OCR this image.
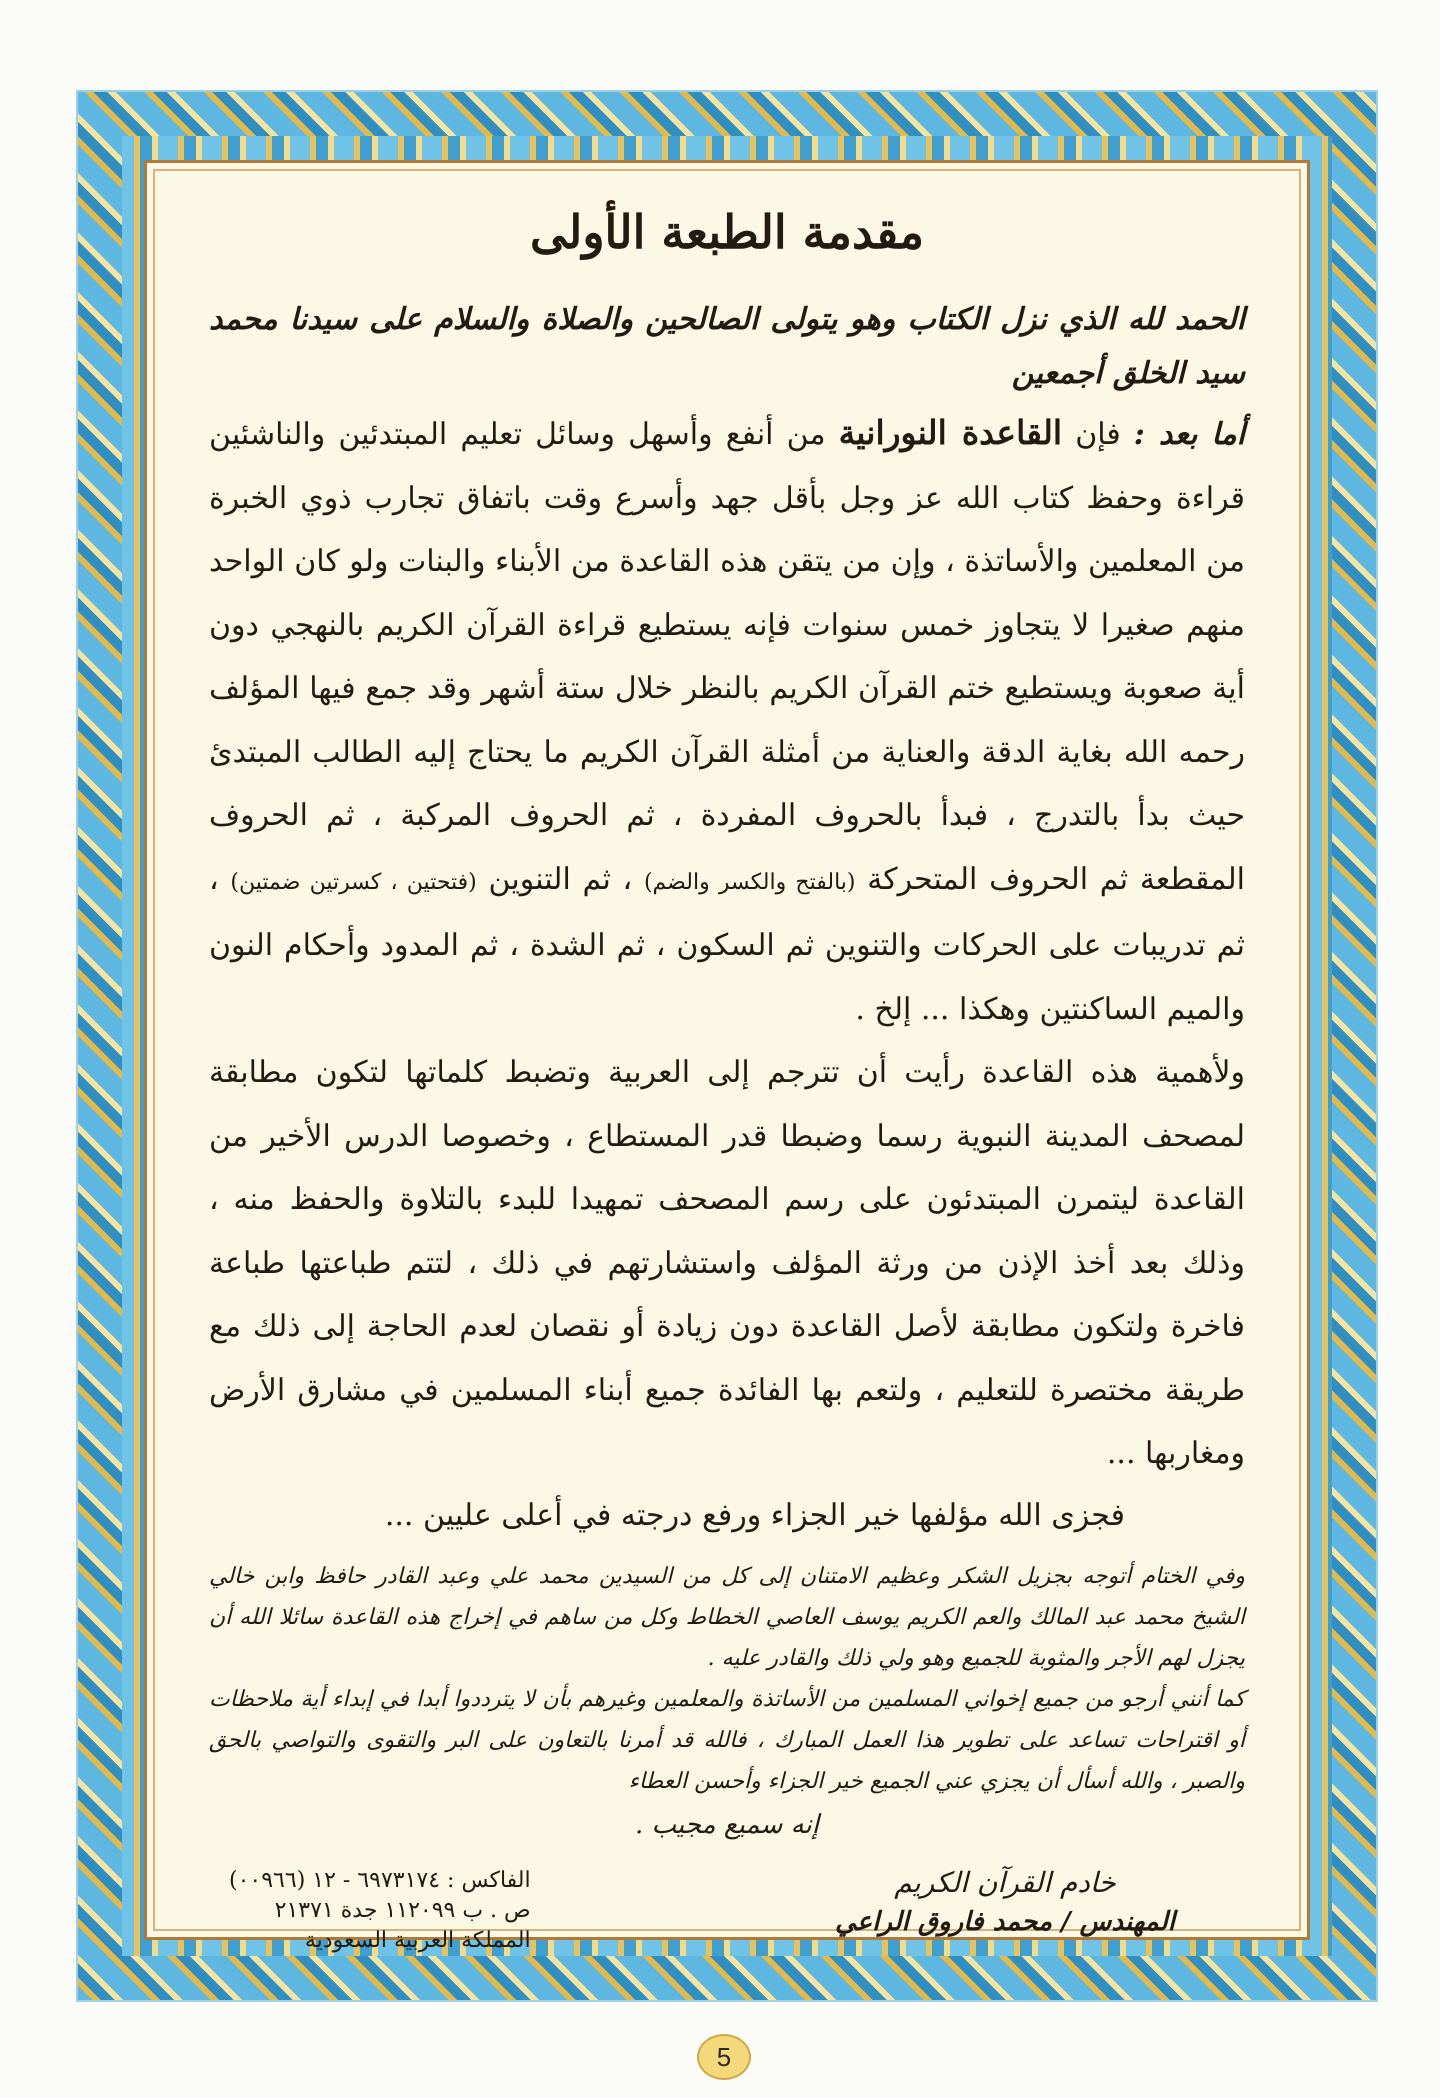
مقدمة الطبعة الأولى

الحمد لله الذي نزل الكتاب وهو يتولى الصالحين والصلاة والسلام على سيدنا محمد سيد الخلق أجمعين

أما بعد : فإن القاعدة النورانية من أنفع وأسهل وسائل تعليم المبتدئين والناشئين قراءة وحفظ كتاب الله عز وجل بأقل جهد وأسرع وقت باتفاق تجارب ذوي الخبرة من المعلمين والأساتذة ، وإن من يتقن هذه القاعدة من الأبناء والبنات ولو كان الواحد منهم صغيرا لا يتجاوز خمس سنوات فإنه يستطيع قراءة القرآن الكريم بالنهجي دون أية صعوبة ويستطيع ختم القرآن الكريم بالنظر خلال ستة أشهر وقد جمع فيها المؤلف رحمه الله بغاية الدقة والعناية من أمثلة القرآن الكريم ما يحتاج إليه الطالب المبتدئ حيث بدأ بالتدرج ، فبدأ بالحروف المفردة ، ثم الحروف المركبة ، ثم الحروف المقطعة ثم الحروف المتحركة (بالفتح والكسر والضم) ، ثم التنوين (فتحتين ، كسرتين ضمتين) ، ثم تدريبات على الحركات والتنوين ثم السكون ، ثم الشدة ، ثم المدود وأحكام النون والميم الساكنتين وهكذا ... إلخ .

ولأهمية هذه القاعدة رأيت أن تترجم إلى العربية وتضبط كلماتها لتكون مطابقة لمصحف المدينة النبوية رسما وضبطا قدر المستطاع ، وخصوصا الدرس الأخير من القاعدة ليتمرن المبتدئون على رسم المصحف تمهيدا للبدء بالتلاوة والحفظ منه ، وذلك بعد أخذ الإذن من ورثة المؤلف واستشارتهم في ذلك ، لتتم طباعتها طباعة فاخرة ولتكون مطابقة لأصل القاعدة دون زيادة أو نقصان لعدم الحاجة إلى ذلك مع طريقة مختصرة للتعليم ، ولتعم بها الفائدة جميع أبناء المسلمين في مشارق الأرض ومغاربها ...

فجزى الله مؤلفها خير الجزاء ورفع درجته في أعلى عليين ...

وفي الختام أتوجه بجزيل الشكر وعظيم الامتنان إلى كل من السيدين محمد علي وعبد القادر حافظ وابن خالي الشيخ محمد عبد المالك والعم الكريم يوسف العاصي الخطاط وكل من ساهم في إخراج هذه القاعدة سائلا الله أن يجزل لهم الأجر والمثوبة للجميع وهو ولي ذلك والقادر عليه .

كما أنني أرجو من جميع إخواني المسلمين من الأساتذة والمعلمين وغيرهم بأن لا يترددوا أبدا في إبداء أية ملاحظات أو اقتراحات تساعد على تطوير هذا العمل المبارك ، فالله قد أمرنا بالتعاون على البر والتقوى والتواصي بالحق والصبر ، والله أسأل أن يجزي عني الجميع خير الجزاء وأحسن العطاء

إنه سميع مجيب .

خادم القرآن الكريم

المهندس / محمد فاروق الراعي

الفاكس : ٦٩٧٣١٧٤ - ١٢ (٠٠٩٦٦)
ص . ب ١١٢٠٩٩ جدة ٢١٣٧١
المملكة العربية السعودية
5
